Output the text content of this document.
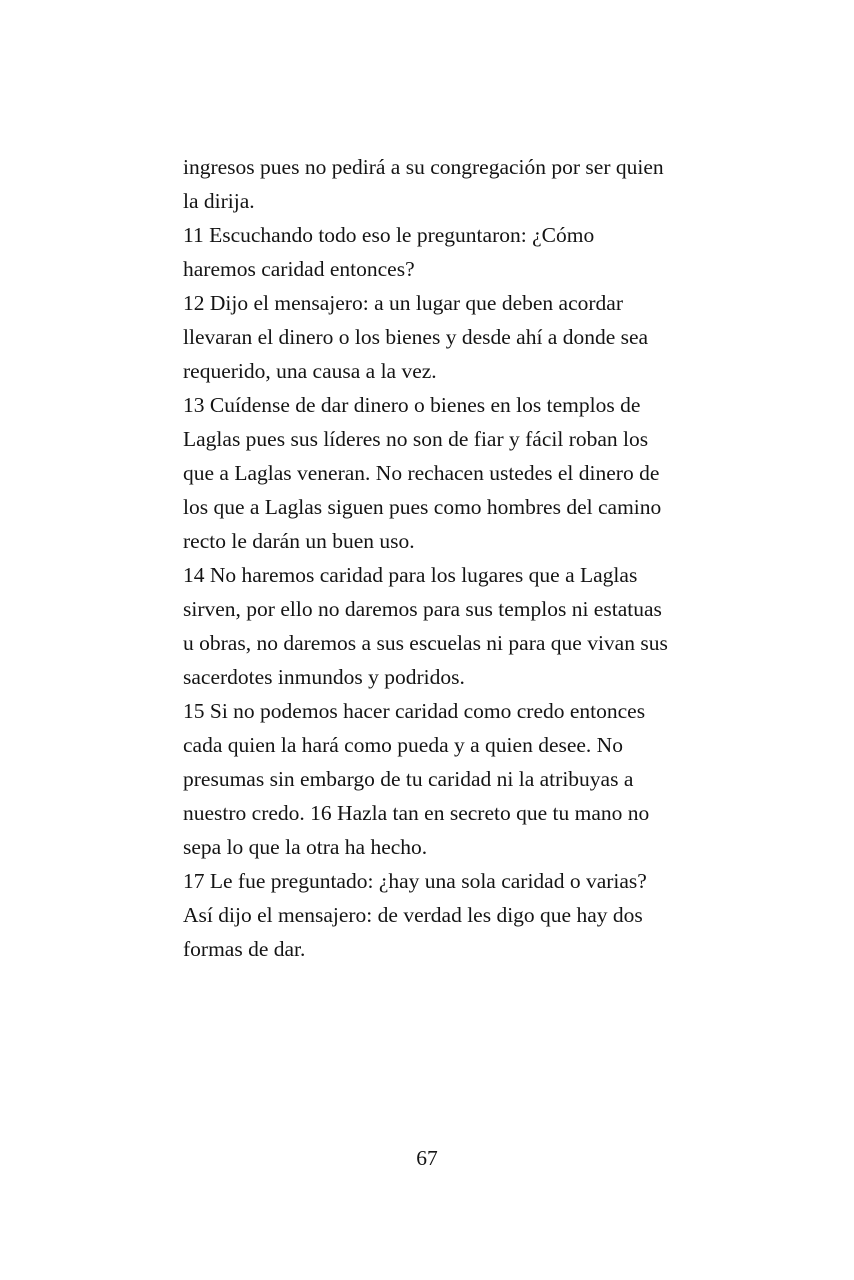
ingresos pues no pedirá a su congregación por ser quien la dirija.

11 Escuchando todo eso le preguntaron: ¿Cómo haremos caridad entonces?

12 Dijo el mensajero: a un lugar que deben acordar llevaran el dinero o los bienes y desde ahí a donde sea requerido, una causa a la vez.

13 Cuídense de dar dinero o bienes en los templos de Laglas pues sus líderes no son de fiar y fácil roban los que a Laglas veneran. No rechacen ustedes el dinero de los que a Laglas siguen pues como hombres del camino recto le darán un buen uso.

14 No haremos caridad para los lugares que a Laglas sirven, por ello no daremos para sus templos ni estatuas u obras, no daremos a sus escuelas ni para que vivan sus sacerdotes inmundos y podridos.

15 Si no podemos hacer caridad como credo entonces cada quien la hará como pueda y a quien desee. No presumas sin embargo de tu caridad ni la atribuyas a nuestro credo. 16 Hazla tan en secreto que tu mano no sepa lo que la otra ha hecho.

17 Le fue preguntado: ¿hay una sola caridad o varias? Así dijo el mensajero: de verdad les digo que hay dos formas de dar.

67
